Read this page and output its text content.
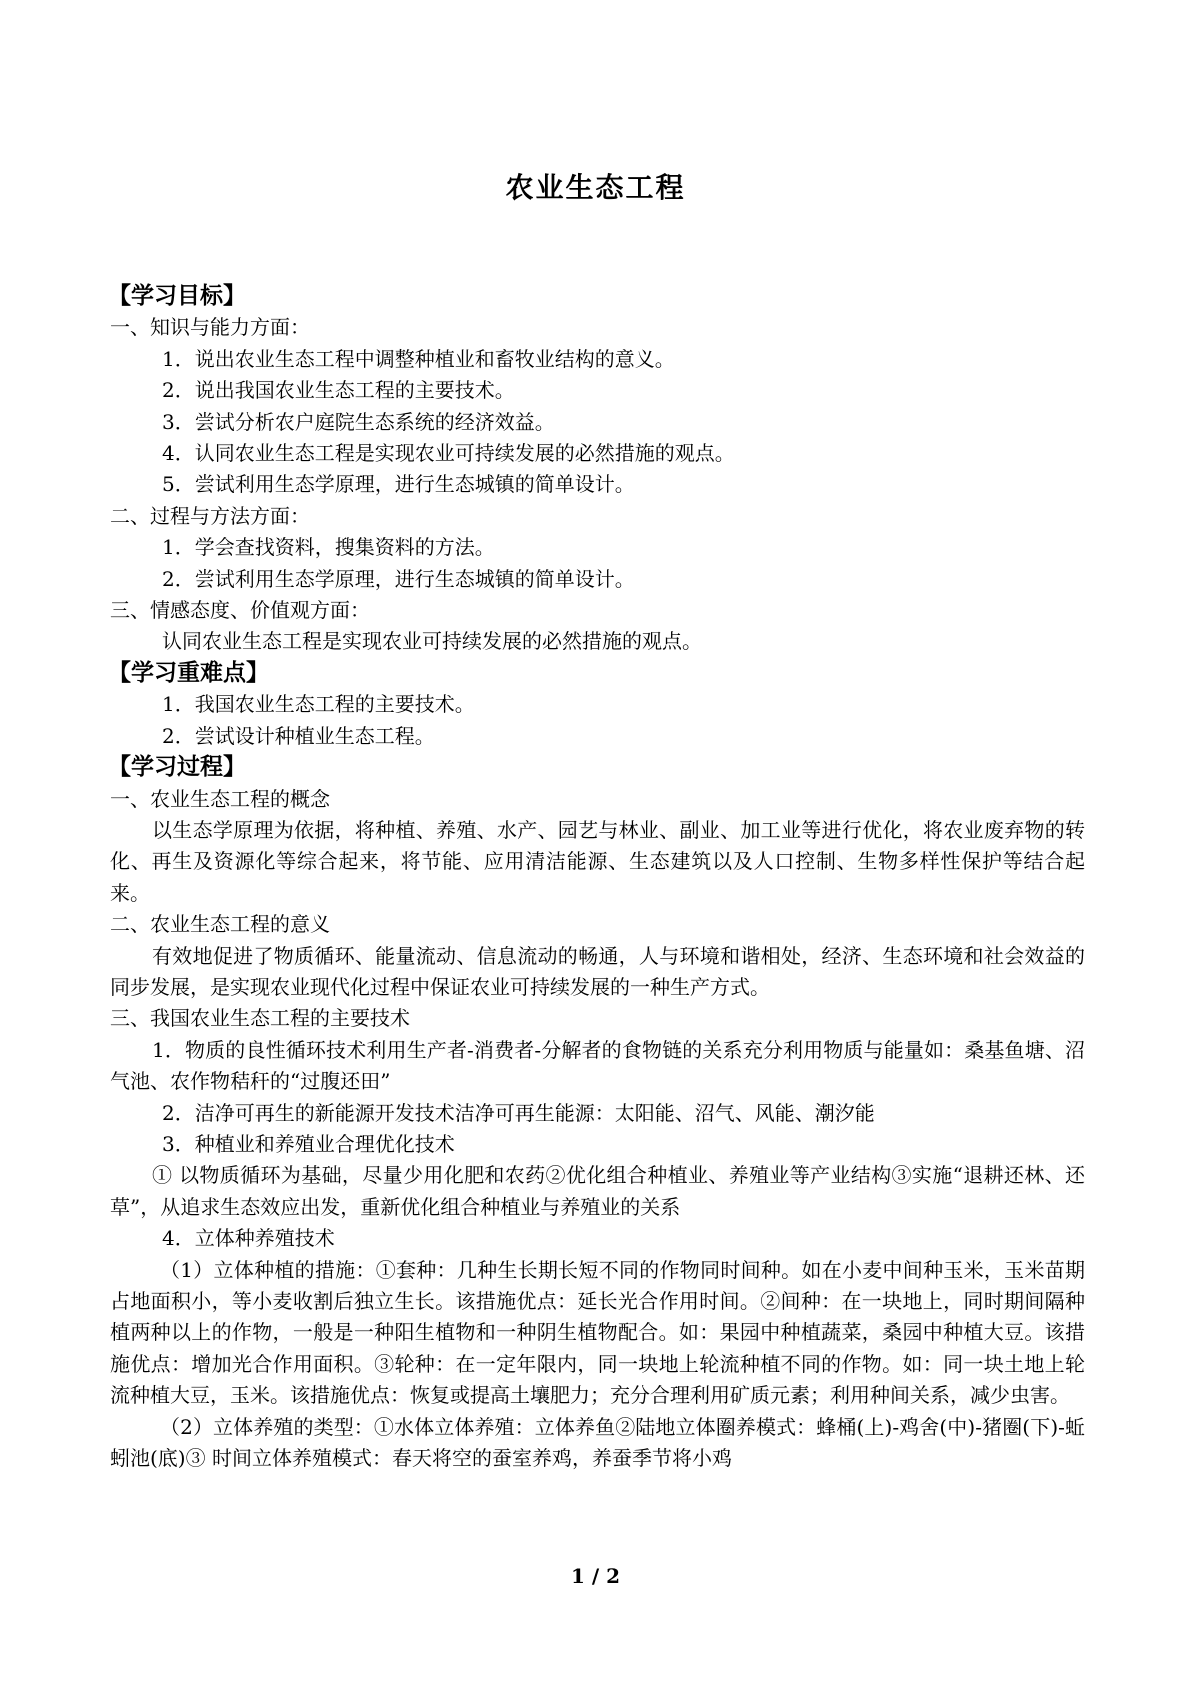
农业生态工程
【学习目标】
一、知识与能力方面：
1．说出农业生态工程中调整种植业和畜牧业结构的意义。
2．说出我国农业生态工程的主要技术。
3．尝试分析农户庭院生态系统的经济效益。
4．认同农业生态工程是实现农业可持续发展的必然措施的观点。
5．尝试利用生态学原理，进行生态城镇的简单设计。
二、过程与方法方面：
1．学会查找资料，搜集资料的方法。
2．尝试利用生态学原理，进行生态城镇的简单设计。
三、情感态度、价值观方面：
认同农业生态工程是实现农业可持续发展的必然措施的观点。
【学习重难点】
1．我国农业生态工程的主要技术。
2．尝试设计种植业生态工程。
【学习过程】
一、农业生态工程的概念
以生态学原理为依据，将种植、养殖、水产、园艺与林业、副业、加工业等进行优化，将农业废弃物的转化、再生及资源化等综合起来，将节能、应用清洁能源、生态建筑以及人口控制、生物多样性保护等结合起来。
二、农业生态工程的意义
有效地促进了物质循环、能量流动、信息流动的畅通，人与环境和谐相处，经济、生态环境和社会效益的同步发展，是实现农业现代化过程中保证农业可持续发展的一种生产方式。
三、我国农业生态工程的主要技术
1．物质的良性循环技术利用生产者-消费者-分解者的食物链的关系充分利用物质与能量如：桑基鱼塘、沼气池、农作物秸秆的“过腹还田”
2．洁净可再生的新能源开发技术洁净可再生能源：太阳能、沼气、风能、潮汐能
3．种植业和养殖业合理优化技术
① 以物质循环为基础，尽量少用化肥和农药②优化组合种植业、养殖业等产业结构③实施“退耕还林、还草”，从追求生态效应出发，重新优化组合种植业与养殖业的关系
4．立体种养殖技术
（1）立体种植的措施：①套种：几种生长期长短不同的作物同时间种。如在小麦中间种玉米，玉米苗期占地面积小，等小麦收割后独立生长。该措施优点：延长光合作用时间。②间种：在一块地上，同时期间隔种植两种以上的作物，一般是一种阳生植物和一种阴生植物配合。如：果园中种植蔬菜，桑园中种植大豆。该措施优点：增加光合作用面积。③轮种：在一定年限内，同一块地上轮流种植不同的作物。如：同一块土地上轮流种植大豆，玉米。该措施优点：恢复或提高土壤肥力；充分合理利用矿质元素；利用种间关系，减少虫害。
（2）立体养殖的类型：①水体立体养殖：立体养鱼②陆地立体圈养模式：蜂桶(上)-鸡舍(中)-猪圈(下)-蚯蚓池(底)③ 时间立体养殖模式：春天将空的蚕室养鸡，养蚕季节将小鸡
1 / 2
